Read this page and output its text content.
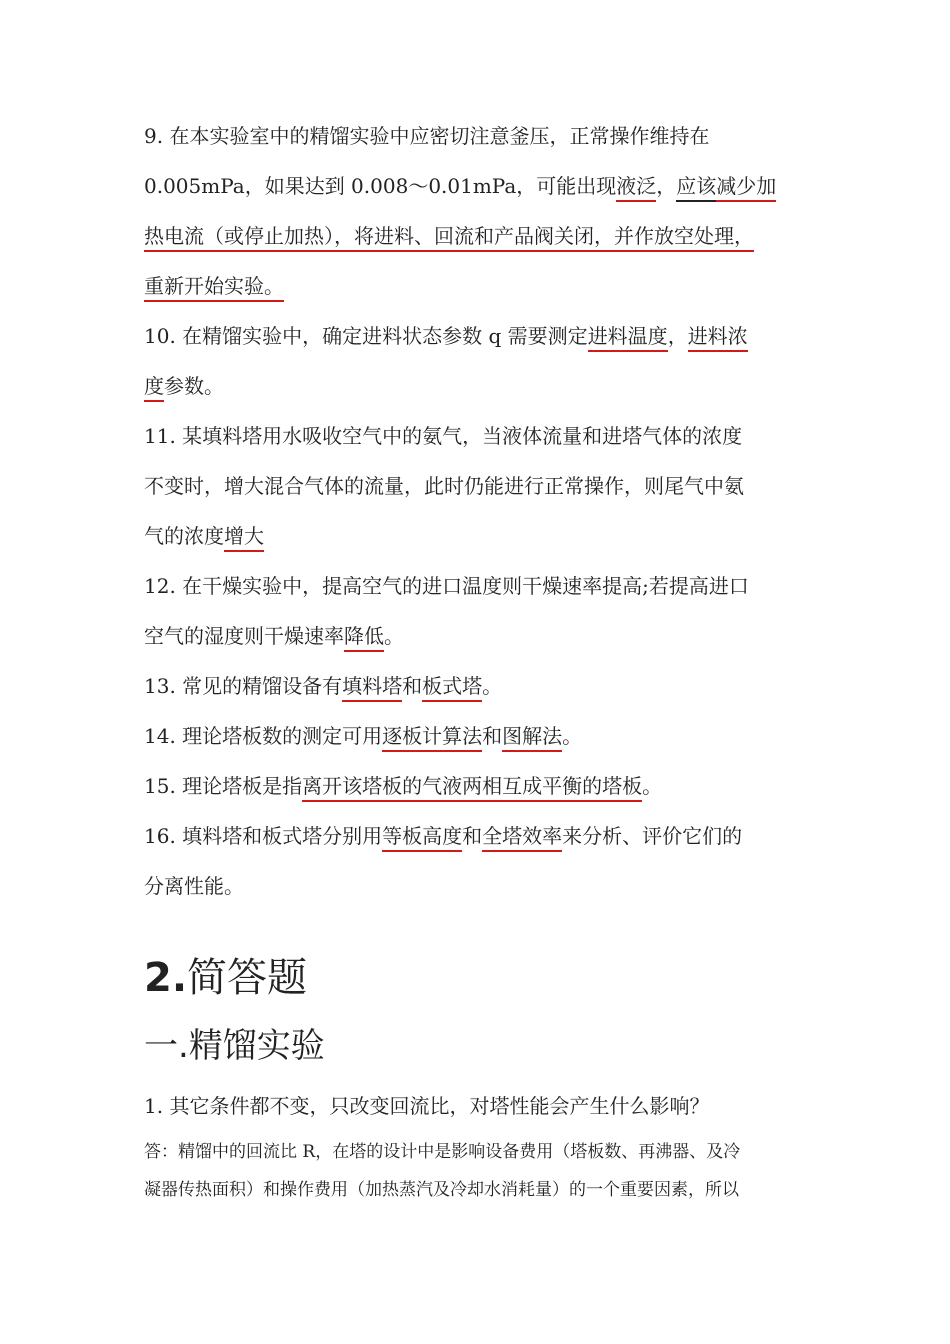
9. 在本实验室中的精馏实验中应密切注意釜压，正常操作维持在
0.005mPa，如果达到 0.008～0.01mPa，可能出现液泛，应该减少加
热电流（或停止加热），将进料、回流和产品阀关闭，并作放空处理，
重新开始实验。
10. 在精馏实验中，确定进料状态参数 q 需要测定进料温度，进料浓
度参数。
11. 某填料塔用水吸收空气中的氨气，当液体流量和进塔气体的浓度
不变时，增大混合气体的流量，此时仍能进行正常操作，则尾气中氨
气的浓度增大
12. 在干燥实验中，提高空气的进口温度则干燥速率提高;若提高进口
空气的湿度则干燥速率降低。
13. 常见的精馏设备有填料塔和板式塔。
14. 理论塔板数的测定可用逐板计算法和图解法。
15. 理论塔板是指离开该塔板的气液两相互成平衡的塔板。
16. 填料塔和板式塔分别用等板高度和全塔效率来分析、评价它们的
分离性能。
2.简答题
一.精馏实验
1. 其它条件都不变，只改变回流比，对塔性能会产生什么影响？
答：精馏中的回流比 R，在塔的设计中是影响设备费用（塔板数、再沸器、及冷
凝器传热面积）和操作费用（加热蒸汽及冷却水消耗量）的一个重要因素，所以
